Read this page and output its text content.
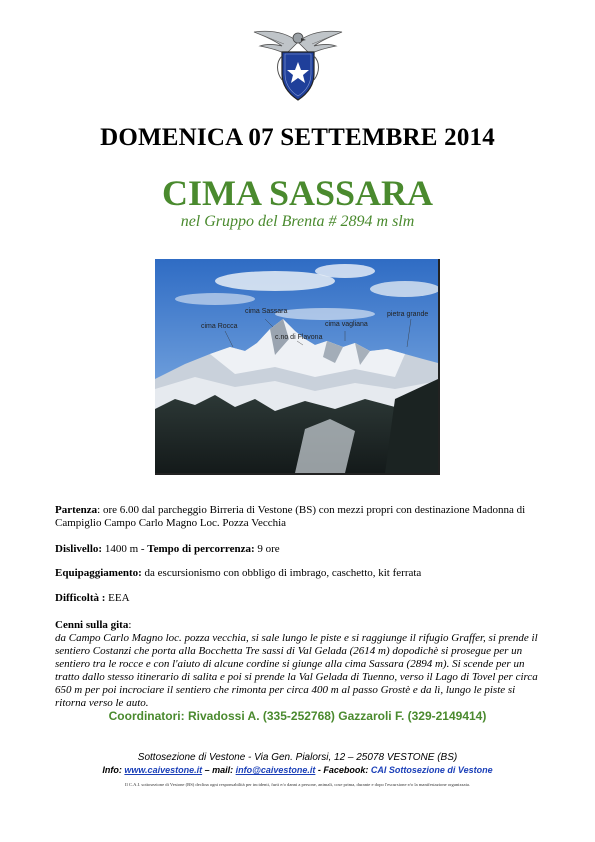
DOMENICA 07 SETTEMBRE 2014
CIMA SASSARA
nel Gruppo del Brenta # 2894 m slm
cima Rocca
cima Sassara
c.no di Flavona
cima vagliana
pietra grande
Partenza: ore 6.00 dal parcheggio Birreria di Vestone (BS) con mezzi propri con destinazione Madonna di Campiglio Campo Carlo Magno Loc. Pozza Vecchia
Dislivello: 1400 m - Tempo di percorrenza: 9 ore
Equipaggiamento: da escursionismo con obbligo di imbrago, caschetto, kit ferrata
Difficoltà : EEA
Cenni sulla gita:
da Campo Carlo Magno loc. pozza vecchia, si sale lungo le piste e si raggiunge il rifugio Graffer, si prende il sentiero Costanzi che porta alla Bocchetta Tre sassi di Val Gelada (2614 m) dopodichè si prosegue per un sentiero tra le rocce e con l'aiuto di alcune cordine si giunge alla cima Sassara (2894 m). Si scende per un tratto dallo stesso itinerario di salita e poi si prende la Val Gelada di Tuenno, verso il Lago di Tovel per circa 650 m per poi incrociare il sentiero che rimonta per circa 400 m al passo Grostè e da lì, lungo le piste si ritorna verso le auto.
Coordinatori: Rivadossi A. (335-252768) Gazzaroli F. (329-2149414)
Sottosezione di Vestone - Via Gen. Pialorsi, 12 – 25078 VESTONE (BS)
Info: www.caivestone.it – mail: info@caivestone.it - Facebook: CAI Sottosezione di Vestone
Il C.A.I. sottosezione di Vestone (BS) declina ogni responsabilità per incidenti, furti e/o danni a persone, animali, cose prima, durante e dopo l'escursione e/o la manifestazione organizzata.
